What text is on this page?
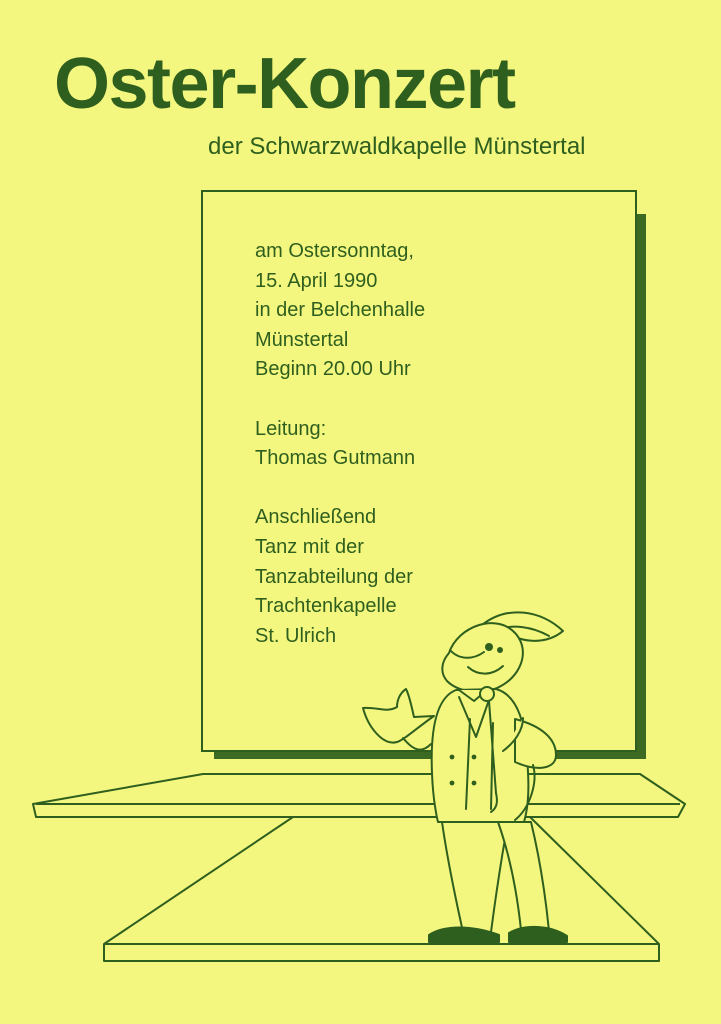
Oster-Konzert

der Schwarzwaldkapelle Münstertal

am Ostersonntag,
15. April 1990
in der Belchenhalle
Münstertal
Beginn 20.00 Uhr
Leitung:
Thomas Gutmann
Anschließend
Tanz mit der
Tanzabteilung der
Trachtenkapelle
St. Ulrich
